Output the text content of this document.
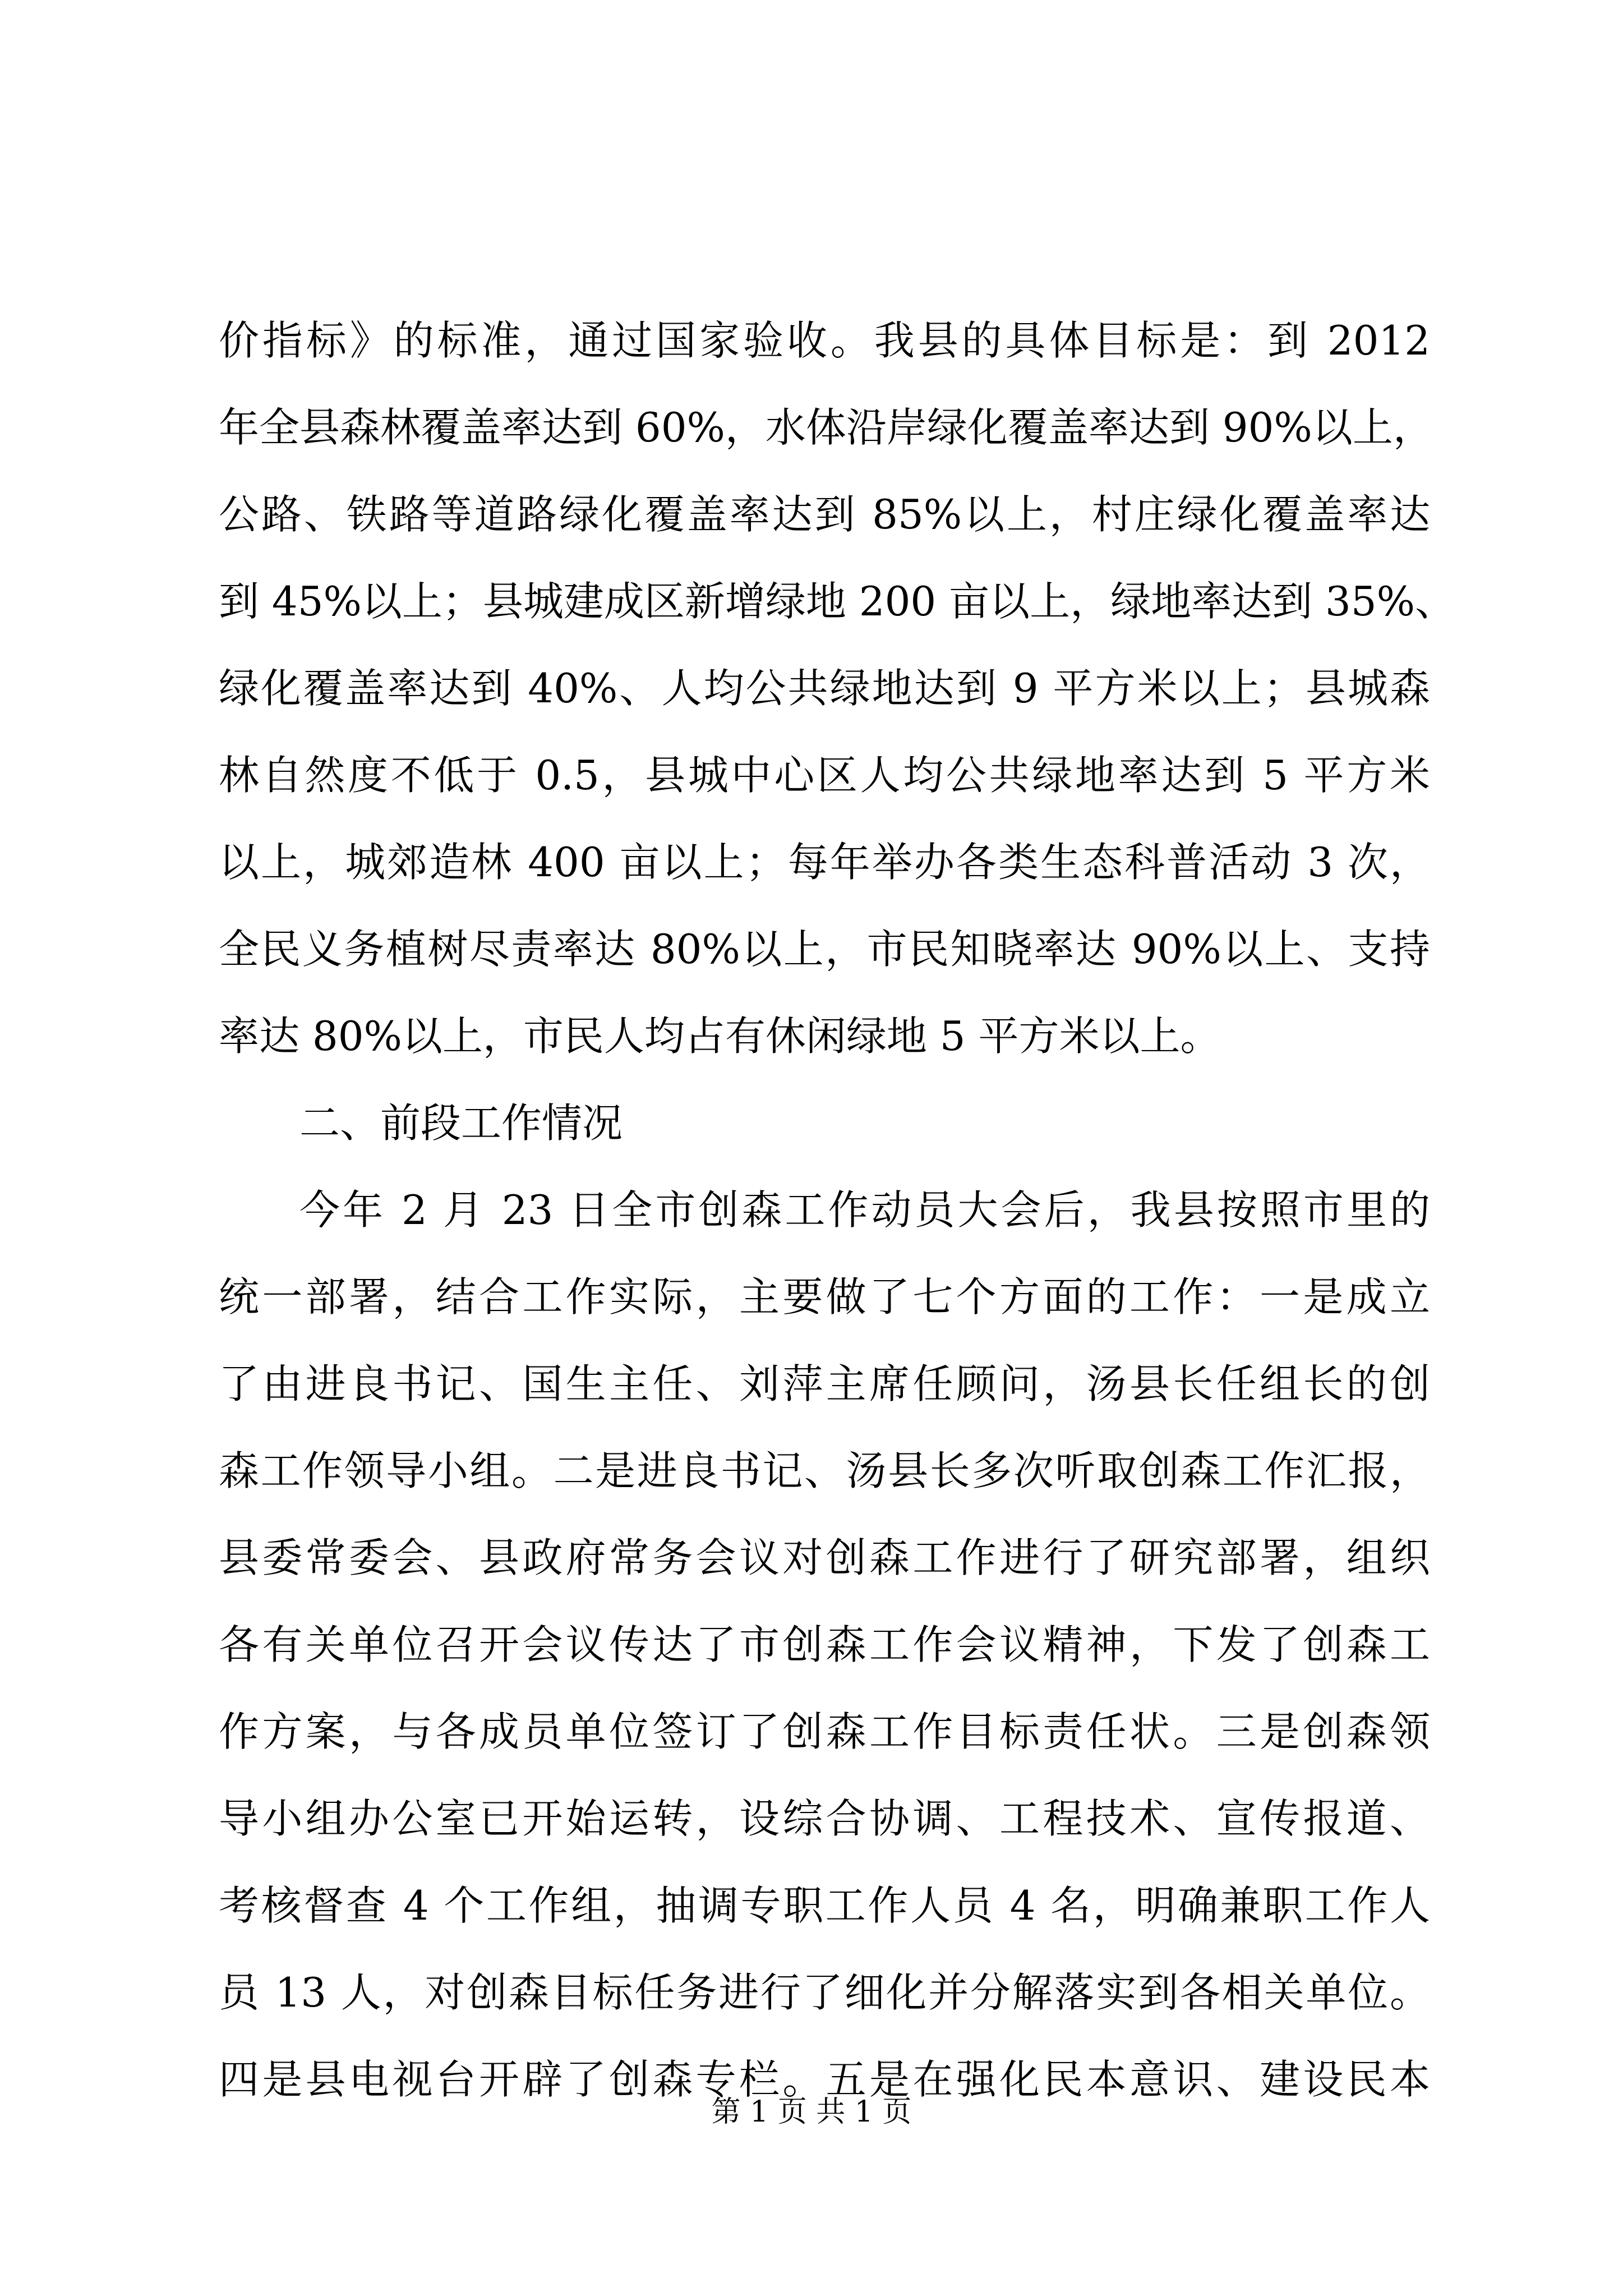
价指标》的标准，通过国家验收。我县的具体目标是：到 2012
年全县森林覆盖率达到 60%，水体沿岸绿化覆盖率达到 90%以上，
公路、铁路等道路绿化覆盖率达到 85%以上，村庄绿化覆盖率达
到 45%以上；县城建成区新增绿地 200 亩以上，绿地率达到 35%、
绿化覆盖率达到 40%、人均公共绿地达到 9 平方米以上；县城森
林自然度不低于 0.5，县城中心区人均公共绿地率达到 5 平方米
以上，城郊造林 400 亩以上；每年举办各类生态科普活动 3 次，
全民义务植树尽责率达 80%以上，市民知晓率达 90%以上、支持
率达 80%以上，市民人均占有休闲绿地 5 平方米以上。
二、前段工作情况
今年 2 月 23 日全市创森工作动员大会后，我县按照市里的
统一部署，结合工作实际，主要做了七个方面的工作：一是成立
了由进良书记、国生主任、刘萍主席任顾问，汤县长任组长的创
森工作领导小组。二是进良书记、汤县长多次听取创森工作汇报，
县委常委会、县政府常务会议对创森工作进行了研究部署，组织
各有关单位召开会议传达了市创森工作会议精神，下发了创森工
作方案，与各成员单位签订了创森工作目标责任状。三是创森领
导小组办公室已开始运转，设综合协调、工程技术、宣传报道、
考核督查 4 个工作组，抽调专职工作人员 4 名，明确兼职工作人
员 13 人，对创森目标任务进行了细化并分解落实到各相关单位。
四是县电视台开辟了创森专栏。五是在强化民本意识、建设民本
第 1 页 共 1 页
